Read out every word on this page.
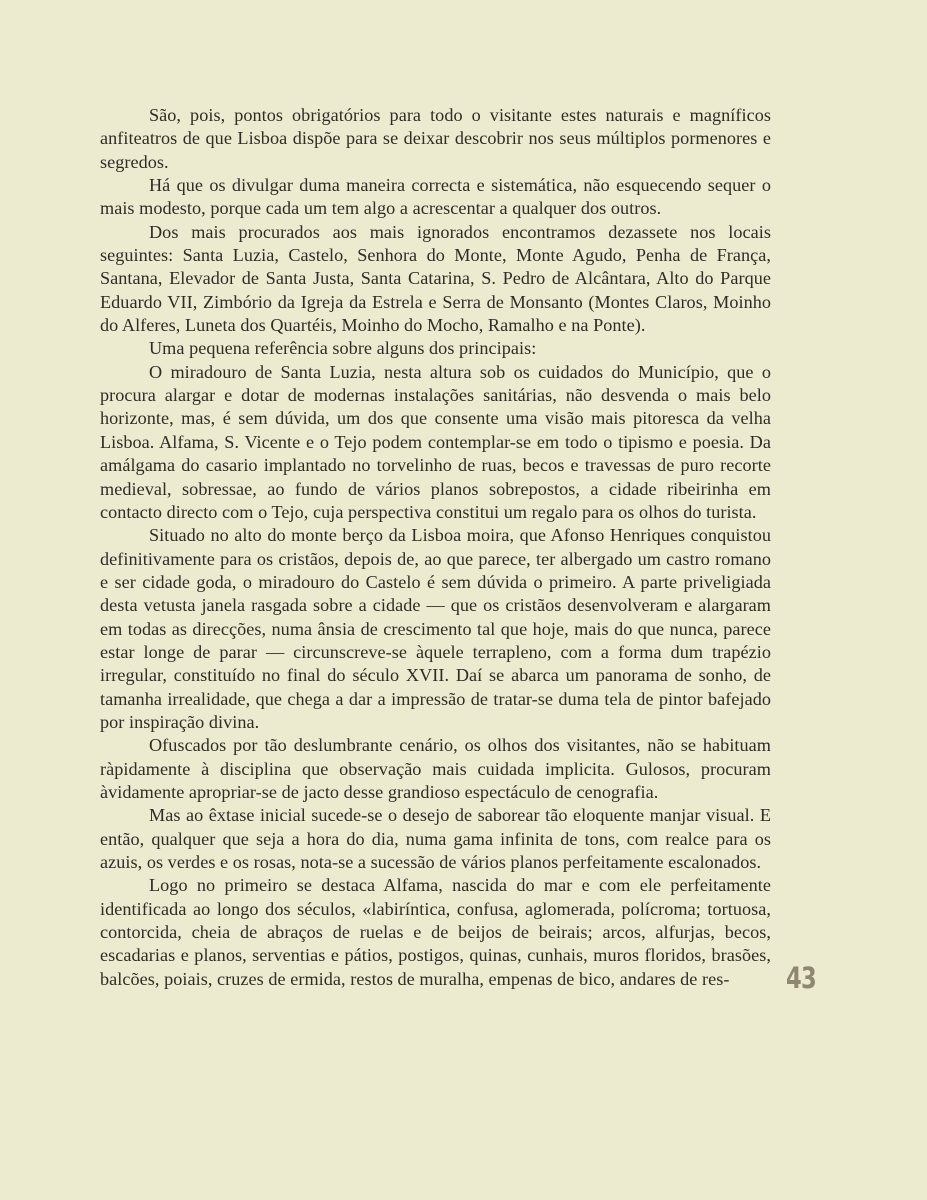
São, pois, pontos obrigatórios para todo o visitante estes naturais e magníficos anfiteatros de que Lisboa dispõe para se deixar descobrir nos seus múltiplos pormenores e segredos.

Há que os divulgar duma maneira correcta e sistemática, não esquecendo sequer o mais modesto, porque cada um tem algo a acrescentar a qualquer dos outros.

Dos mais procurados aos mais ignorados encontramos dezassete nos locais seguintes: Santa Luzia, Castelo, Senhora do Monte, Monte Agudo, Penha de França, Santana, Elevador de Santa Justa, Santa Catarina, S. Pedro de Alcântara, Alto do Parque Eduardo VII, Zimbório da Igreja da Estrela e Serra de Monsanto (Montes Claros, Moinho do Alferes, Luneta dos Quartéis, Moinho do Mocho, Ramalho e na Ponte).

Uma pequena referência sobre alguns dos principais:

O miradouro de Santa Luzia, nesta altura sob os cuidados do Município, que o procura alargar e dotar de modernas instalações sanitárias, não desvenda o mais belo horizonte, mas, é sem dúvida, um dos que consente uma visão mais pitoresca da velha Lisboa. Alfama, S. Vicente e o Tejo podem contemplar-se em todo o tipismo e poesia. Da amálgama do casario implantado no torvelinho de ruas, becos e travessas de puro recorte medieval, sobressae, ao fundo de vários planos sobrepostos, a cidade ribeirinha em contacto directo com o Tejo, cuja perspectiva constitui um regalo para os olhos do turista.

Situado no alto do monte berço da Lisboa moira, que Afonso Henriques conquistou definitivamente para os cristãos, depois de, ao que parece, ter albergado um castro romano e ser cidade goda, o miradouro do Castelo é sem dúvida o primeiro. A parte priveligiada desta vetusta janela rasgada sobre a cidade — que os cristãos desenvolveram e alargaram em todas as direcções, numa ânsia de crescimento tal que hoje, mais do que nunca, parece estar longe de parar — circunscreve-se àquele terrapleno, com a forma dum trapézio irregular, constituído no final do século XVII. Daí se abarca um panorama de sonho, de tamanha irrealidade, que chega a dar a impressão de tratar-se duma tela de pintor bafejado por inspiração divina.

Ofuscados por tão deslumbrante cenário, os olhos dos visitantes, não se habituam ràpidamente à disciplina que observação mais cuidada implicita. Gulosos, procuram àvidamente apropriar-se de jacto desse grandioso espectáculo de cenografia.

Mas ao êxtase inicial sucede-se o desejo de saborear tão eloquente manjar visual. E então, qualquer que seja a hora do dia, numa gama infinita de tons, com realce para os azuis, os verdes e os rosas, nota-se a sucessão de vários planos perfeitamente escalonados.

Logo no primeiro se destaca Alfama, nascida do mar e com ele perfeitamente identificada ao longo dos séculos, «labiríntica, confusa, aglomerada, polícroma; tortuosa, contorcida, cheia de abraços de ruelas e de beijos de beirais; arcos, alfurjas, becos, escadarias e planos, serventias e pátios, postigos, quinas, cunhais, muros floridos, brasões, balcões, poiais, cruzes de ermida, restos de muralha, empenas de bico, andares de res-	43
